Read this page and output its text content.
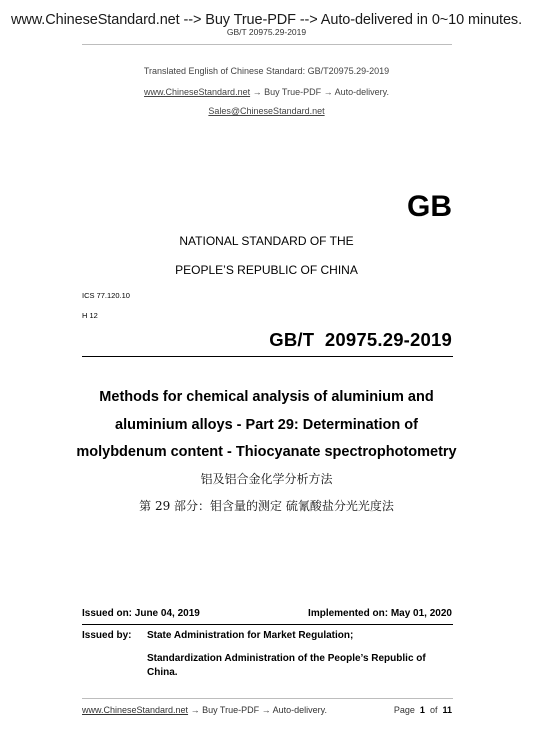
www.ChineseStandard.net --> Buy True-PDF --> Auto-delivered in 0~10 minutes.
GB/T 20975.29-2019
Translated English of Chinese Standard: GB/T20975.29-2019
www.ChineseStandard.net → Buy True-PDF → Auto-delivery.
Sales@ChineseStandard.net
GB
NATIONAL STANDARD OF THE
PEOPLE’S REPUBLIC OF CHINA
ICS 77.120.10
H 12
GB/T 20975.29-2019
Methods for chemical analysis of aluminium and
aluminium alloys - Part 29: Determination of
molybdenum content - Thiocyanate spectrophotometry
铝及铝合金化学分析方法
第 29 部分：钼含量的测定 硫氰酸盐分光光度法
Issued on: June 04, 2019	Implemented on: May 01, 2020
Issued by: State Administration for Market Regulation;
Standardization Administration of the People’s Republic of China.
www.ChineseStandard.net → Buy True-PDF → Auto-delivery.	Page 1 of 11
